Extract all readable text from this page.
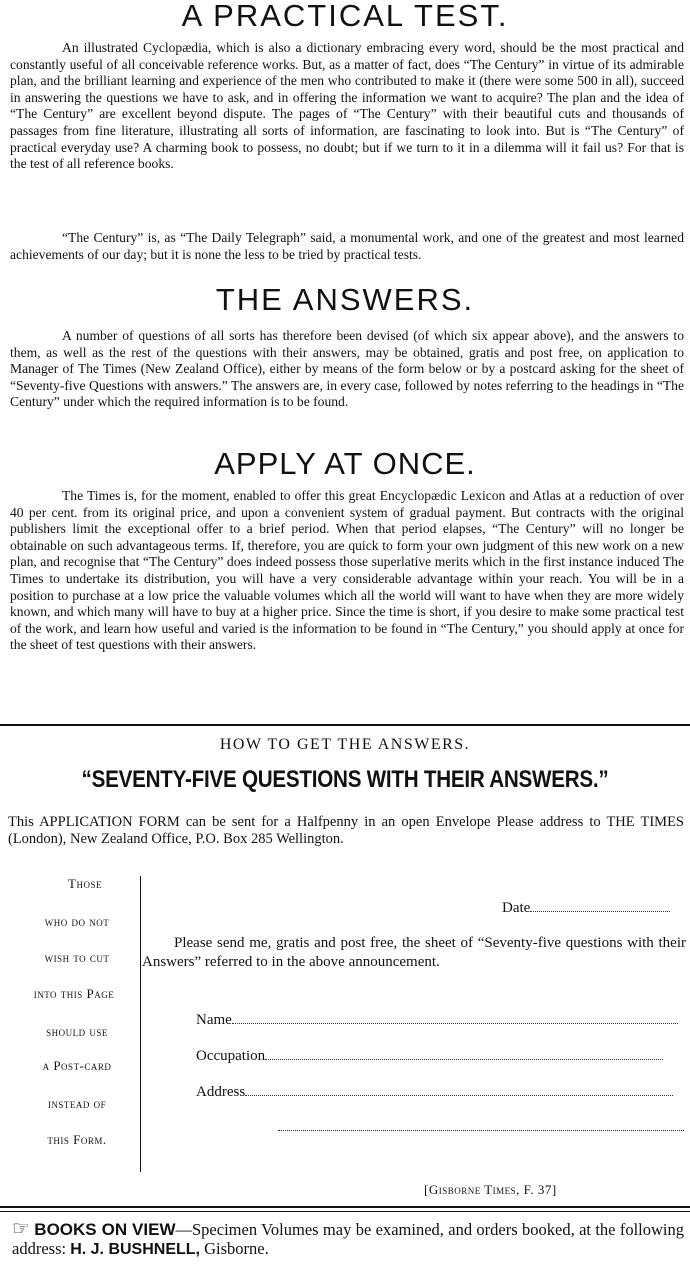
A PRACTICAL TEST.

An illustrated Cyclopædia, which is also a dictionary embracing every word, should be the most practical and constantly useful of all conceivable reference works. But, as a matter of fact, does “The Century” in virtue of its admirable plan, and the brilliant learning and experience of the men who contributed to make it (there were some 500 in all), succeed in answering the questions we have to ask, and in offering the information we want to acquire? The plan and the idea of “The Century” are excellent beyond dispute. The pages of “The Century” with their beautiful cuts and thousands of passages from fine literature, illustrating all sorts of information, are fascinating to look into. But is “The Century” of practical everyday use? A charming book to possess, no doubt; but if we turn to it in a dilemma will it fail us? For that is the test of all reference books.

“The Century” is, as “The Daily Telegraph” said, a monumental work, and one of the greatest and most learned achievements of our day; but it is none the less to be tried by practical tests.

THE ANSWERS.

A number of questions of all sorts has therefore been devised (of which six appear above), and the answers to them, as well as the rest of the questions with their answers, may be obtained, gratis and post free, on application to Manager of The Times (New Zealand Office), either by means of the form below or by a postcard asking for the sheet of “Seventy-five Questions with answers.” The answers are, in every case, followed by notes referring to the headings in “The Century” under which the required information is to be found.

APPLY AT ONCE.

The Times is, for the moment, enabled to offer this great Encyclopædic Lexicon and Atlas at a reduction of over 40 per cent. from its original price, and upon a convenient system of gradual payment. But contracts with the original publishers limit the exceptional offer to a brief period. When that period elapses, “The Century” will no longer be obtainable on such advantageous terms. If, therefore, you are quick to form your own judgment of this new work on a new plan, and recognise that “The Century” does indeed possess those superlative merits which in the first instance induced The Times to undertake its distribution, you will have a very considerable advantage within your reach. You will be in a position to purchase at a low price the valuable volumes which all the world will want to have when they are more widely known, and which many will have to buy at a higher price. Since the time is short, if you desire to make some practical test of the work, and learn how useful and varied is the information to be found in “The Century,” you should apply at once for the sheet of test questions with their answers.

HOW TO GET THE ANSWERS.
“SEVENTY-FIVE QUESTIONS WITH THEIR ANSWERS.”

This APPLICATION FORM can be sent for a Halfpenny in an open Envelope Please address to THE TIMES (London), New Zealand Office, P.O. Box 285 Wellington.

Those
who do not
wish to cut
into this Page
should use
a Post-card
instead of
this Form.
Date

Please send me, gratis and post free, the sheet of “Seventy-five questions with their Answers” referred to in the above announcement.

Name
Occupation
Address
[Gisborne Times, F. 37]
☞ BOOKS ON VIEW—Specimen Volumes may be examined, and orders booked, at the following address: H. J. BUSHNELL, Gisborne.
